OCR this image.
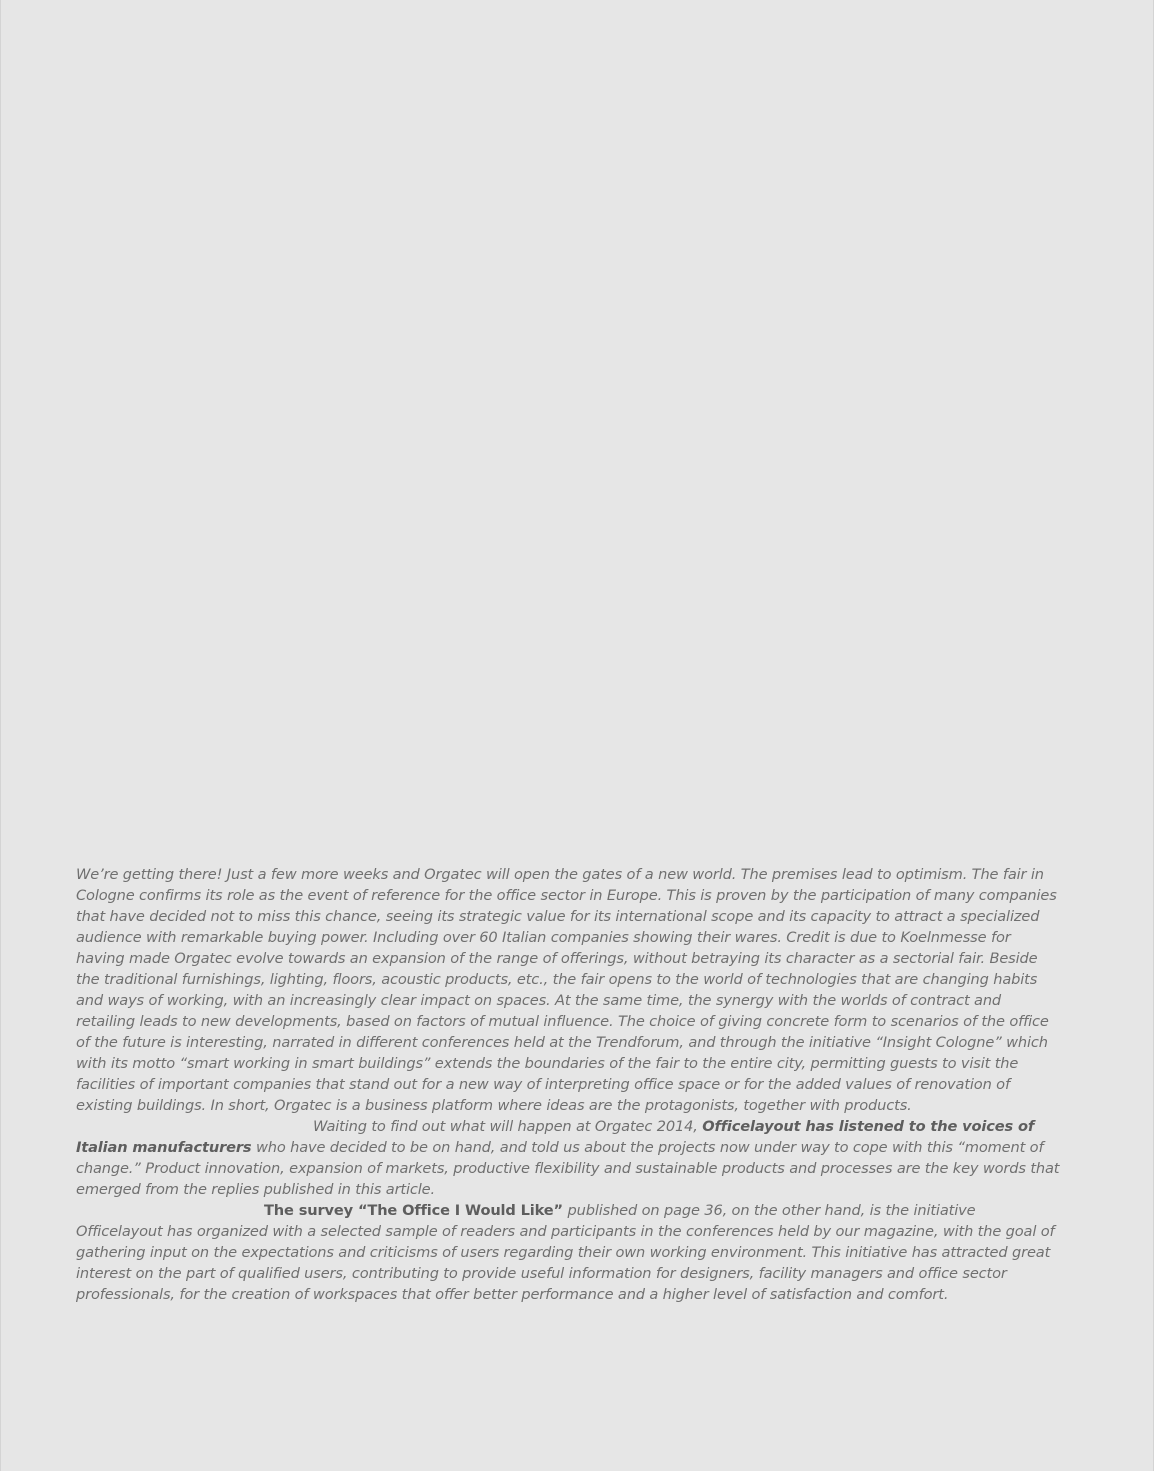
We’re getting there! Just a few more weeks and Orgatec will open the gates of a new world. The premises lead to optimism. The fair in Cologne confirms its role as the event of reference for the office sector in Europe. This is proven by the participation of many companies that have decided not to miss this chance, seeing its strategic value for its international scope and its capacity to attract a specialized audience with remarkable buying power. Including over 60 Italian companies showing their wares. Credit is due to Koelnmesse for having made Orgatec evolve towards an expansion of the range of offerings, without betraying its character as a sectorial fair. Beside the traditional furnishings, lighting, floors, acoustic products, etc., the fair opens to the world of technologies that are changing habits and ways of working, with an increasingly clear impact on spaces. At the same time, the synergy with the worlds of contract and retailing leads to new developments, based on factors of mutual influence. The choice of giving concrete form to scenarios of the office of the future is interesting, narrated in different conferences held at the Trendforum, and through the initiative “Insight Cologne” which with its motto “smart working in smart buildings” extends the boundaries of the fair to the entire city, permitting guests to visit the facilities of important companies that stand out for a new way of interpreting office space or for the added values of renovation of existing buildings. In short, Orgatec is a business platform where ideas are the protagonists, together with products.

Waiting to find out what will happen at Orgatec 2014, Officelayout has listened to the voices of Italian manufacturers who have decided to be on hand, and told us about the projects now under way to cope with this “moment of change.” Product innovation, expansion of markets, productive flexibility and sustainable products and processes are the key words that emerged from the replies published in this article.

The survey “The Office I Would Like” published on page 36, on the other hand, is the initiative Officelayout has organized with a selected sample of readers and participants in the conferences held by our magazine, with the goal of gathering input on the expectations and criticisms of users regarding their own working environment. This initiative has attracted great interest on the part of qualified users, contributing to provide useful information for designers, facility managers and office sector professionals, for the creation of workspaces that offer better performance and a higher level of satisfaction and comfort.
